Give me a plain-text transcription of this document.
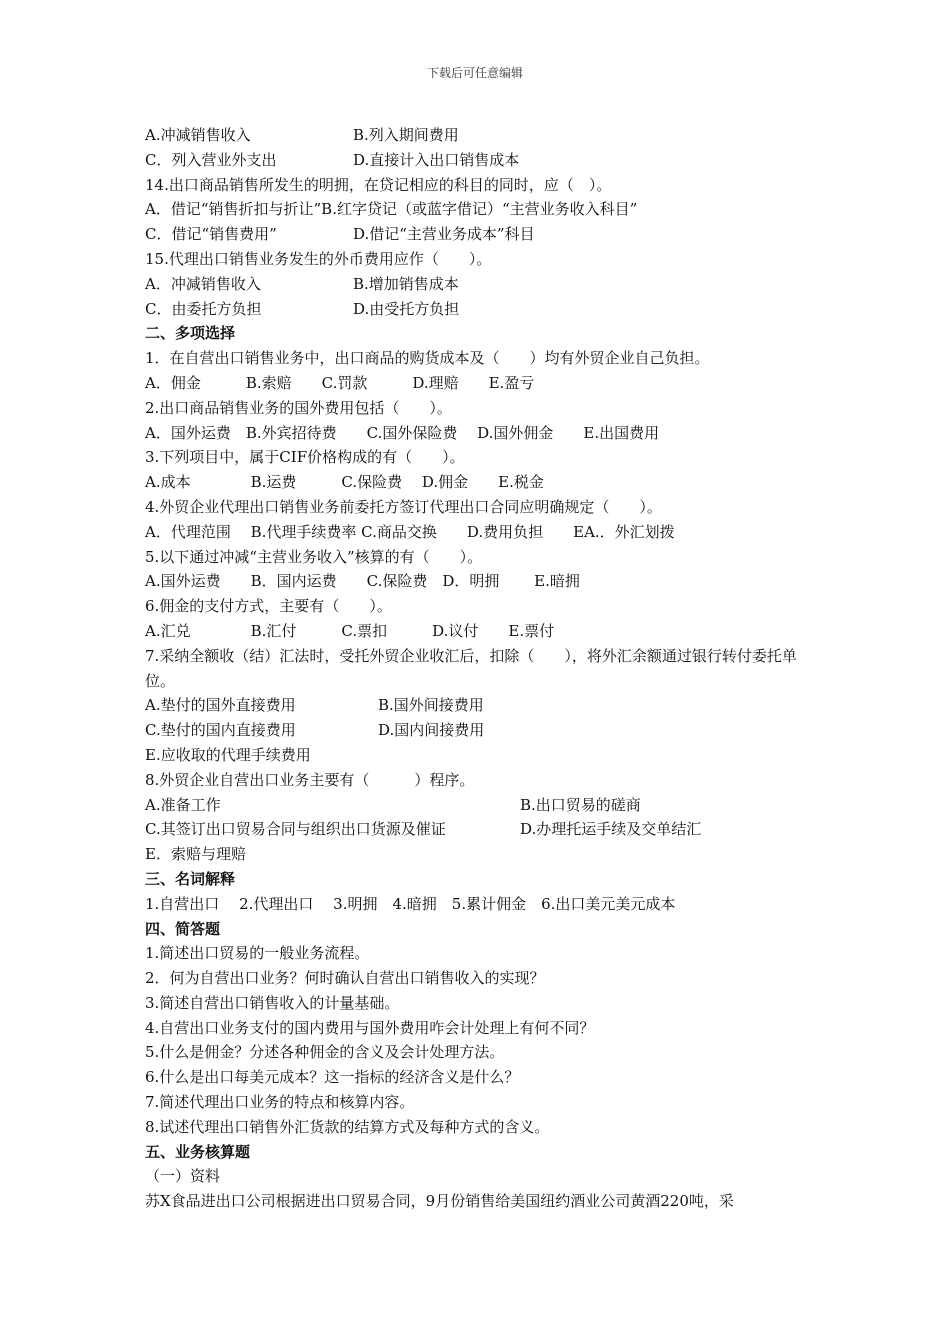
下载后可任意编辑
A.冲减销售收入	B.列入期间费用
C．列入营业外支出	D.直接计入出口销售成本
14.出口商品销售所发生的明拥，在贷记相应的科目的同时，应（　）。
A．借记“销售折扣与折让”B.红字贷记（或蓝字借记）“主营业务收入科目”
C．借记“销售费用”	D.借记“主营业务成本”科目
15.代理出口销售业务发生的外币费用应作（　　）。
A．冲减销售收入	B.增加销售成本
C．由委托方负担	D.由受托方负担
二、多项选择
1．在自营出口销售业务中，出口商品的购货成本及（　　）均有外贸企业自己负担。
A．佣金　　　B.索赔　　C.罚款　　　D.理赔　　E.盈亏
2.出口商品销售业务的国外费用包括（　　）。
A．国外运费　B.外宾招待费　　C.国外保险费　 D.国外佣金　　E.出国费用
3.下列项目中，属于CIF价格构成的有（　　）。
A.成本　　　　B.运费　　　C.保险费　 D.佣金　　E.税金
4.外贸企业代理出口销售业务前委托方签订代理出口合同应明确规定（　　）。
A．代理范围　 B.代理手续费率 C.商品交换　　D.费用负担　　EA.．外汇划拨
5.以下通过冲减“主营业务收入”核算的有（　　）。
A.国外运费　　B．国内运费　　C.保险费　D．明拥　　 E.暗拥
6.佣金的支付方式，主要有（　　）。
A.汇兑　　　　B.汇付　　　C.票扣　　　D.议付　　E.票付
7.采纳全额收（结）汇法时，受托外贸企业收汇后，扣除（　　），将外汇余额通过银行转付委托单位。
A.垫付的国外直接费用	B.国外间接费用
C.垫付的国内直接费用	D.国内间接费用
E.应收取的代理手续费用
8.外贸企业自营出口业务主要有（　　　）程序。
A.准备工作	B.出口贸易的磋商
C.其签订出口贸易合同与组织出口货源及催证	D.办理托运手续及交单结汇
E．索赔与理赔
三、名词解释
1.自营出口　 2.代理出口　 3.明拥　4.暗拥　5.累计佣金　6.出口美元美元成本
四、简答题
1.简述出口贸易的一般业务流程。
2．何为自营出口业务？何时确认自营出口销售收入的实现？
3.简述自营出口销售收入的计量基础。
4.自营出口业务支付的国内费用与国外费用咋会计处理上有何不同？
5.什么是佣金？分述各种佣金的含义及会计处理方法。
6.什么是出口每美元成本？这一指标的经济含义是什么？
7.简述代理出口业务的特点和核算内容。
8.试述代理出口销售外汇货款的结算方式及每种方式的含义。
五、业务核算题
（一）资料
苏X食品进出口公司根据进出口贸易合同，9月份销售给美国纽约酒业公司黄酒220吨，采
